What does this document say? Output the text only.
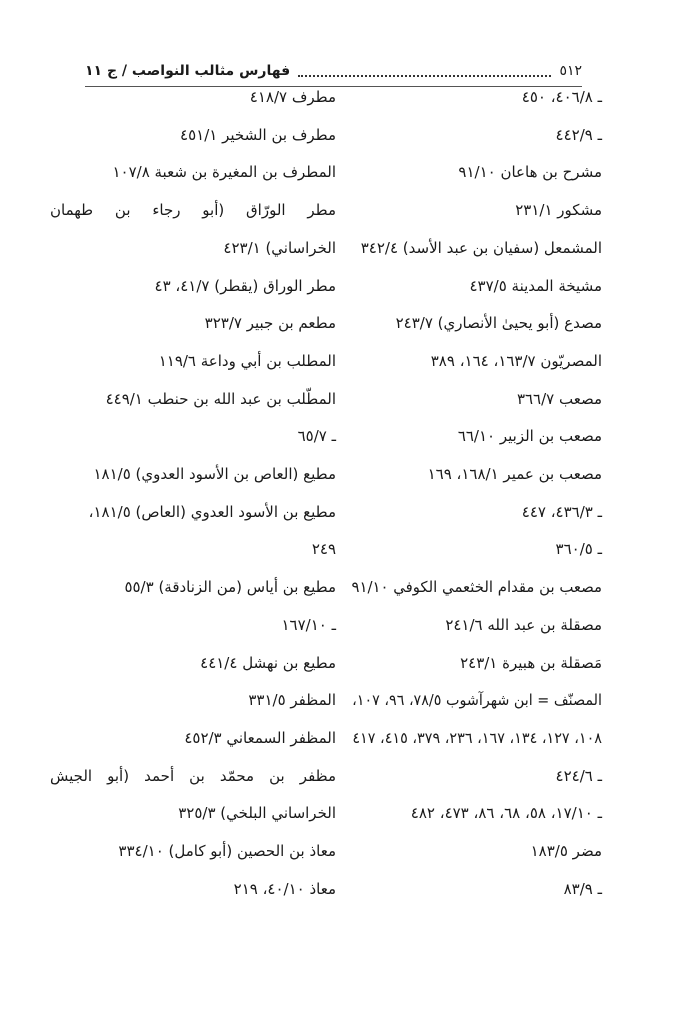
٥١٢
فهارس مثالب النواصب / ج ١١
ـ ٤٠٦/٨، ٤٥٠
ـ ٤٤٢/٩
مشرح بن هاعان ٩١/١٠
مشكور ٢٣١/١
المشمعل (سفيان بن عبد الأسد) ٣٤٢/٤
مشيخة المدينة ٤٣٧/٥
مصدع (أبو يحيىٰ الأنصاري) ٢٤٣/٧
المصريّون ١٦٣/٧، ١٦٤، ٣٨٩
مصعب ٣٦٦/٧
مصعب بن الزبير ٦٦/١٠
مصعب بن عمير ١٦٨/١، ١٦٩
ـ ٤٣٦/٣، ٤٤٧
ـ ٣٦٠/٥
مصعب بن مقدام الخثعمي الكوفي ٩١/١٠
مصقلة بن عبد الله ٢٤١/٦
مَصقلة بن هبيرة ٢٤٣/١
المصنّف = ابن شهرآشوب ٧٨/٥، ٩٦، ١٠٧،
١٠٨، ١٢٧، ١٣٤، ١٦٧، ٢٣٦، ٣٧٩، ٤١٥، ٤١٧
ـ ٤٢٤/٦
ـ ١٧/١٠، ٥٨، ٦٨، ٨٦، ٤٧٣، ٤٨٢
مضر ١٨٣/٥
ـ ٨٣/٩
مطرف ٤١٨/٧
مطرف بن الشخير ٤٥١/١
المطرف بن المغيرة بن شعبة ١٠٧/٨
مطر الورّاق (أبو رجاء بن طهمان
الخراساني) ٤٢٣/١
مطر الوراق (يقطر) ٤١/٧، ٤٣
مطعم بن جبير ٣٢٣/٧
المطلب بن أبي وداعة ١١٩/٦
المطّلب بن عبد الله بن حنطب ٤٤٩/١
ـ ٦٥/٧
مطيع (العاص بن الأسود العدوي) ١٨١/٥
مطيع بن الأسود العدوي (العاص) ١٨١/٥،
٢٤٩
مطيع بن أياس (من الزنادقة) ٥٥/٣
ـ ١٦٧/١٠
مطيع بن نهشل ٤٤١/٤
المظفر ٣٣١/٥
المظفر السمعاني ٤٥٢/٣
مظفر بن محمّد بن أحمد (أبو الجيش
الخراساني البلخي) ٣٢٥/٣
معاذ بن الحصين (أبو كامل) ٣٣٤/١٠
معاذ ٤٠/١٠، ٢١٩
